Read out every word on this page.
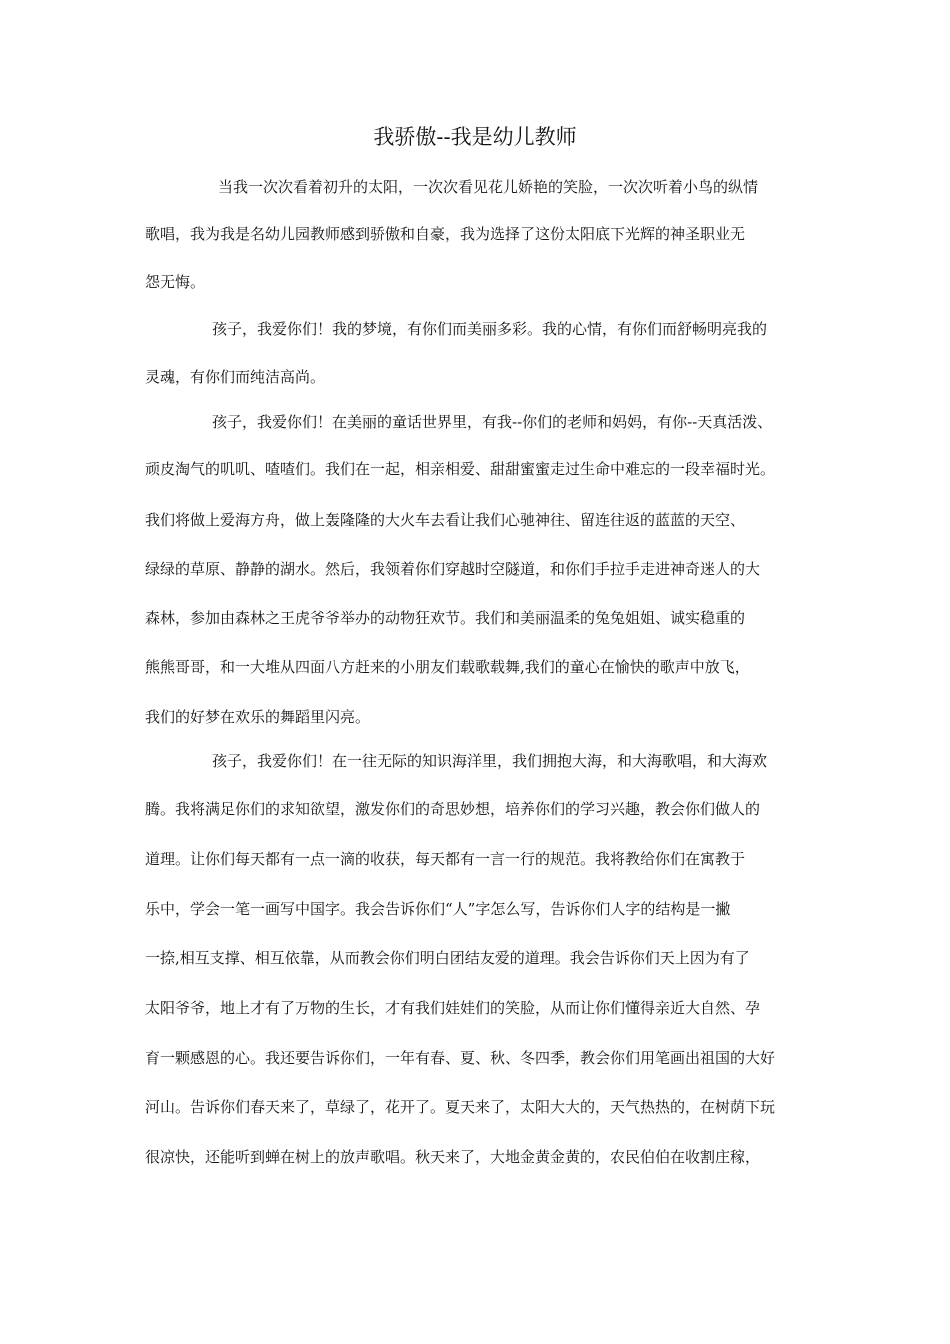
我骄傲--我是幼儿教师
当我一次次看着初升的太阳，一次次看见花儿娇艳的笑脸，一次次听着小鸟的纵情
歌唱，我为我是名幼儿园教师感到骄傲和自豪，我为选择了这份太阳底下光辉的神圣职业无
怨无悔。
孩子，我爱你们！我的梦境，有你们而美丽多彩。我的心情，有你们而舒畅明亮我的
灵魂，有你们而纯洁高尚。
孩子，我爱你们！在美丽的童话世界里，有我--你们的老师和妈妈，有你--天真活泼、
顽皮淘气的叽叽、喳喳们。我们在一起，相亲相爱、甜甜蜜蜜走过生命中难忘的一段幸福时光。
我们将做上爱海方舟，做上轰隆隆的大火车去看让我们心驰神往、留连往返的蓝蓝的天空、
绿绿的草原、静静的湖水。然后，我领着你们穿越时空隧道，和你们手拉手走进神奇迷人的大
森林，参加由森林之王虎爷爷举办的动物狂欢节。我们和美丽温柔的兔兔姐姐、诚实稳重的
熊熊哥哥，和一大堆从四面八方赶来的小朋友们载歌载舞,我们的童心在愉快的歌声中放飞，
我们的好梦在欢乐的舞蹈里闪亮。
孩子，我爱你们！在一往无际的知识海洋里，我们拥抱大海，和大海歌唱，和大海欢
腾。我将满足你们的求知欲望，激发你们的奇思妙想，培养你们的学习兴趣，教会你们做人的
道理。让你们每天都有一点一滴的收获，每天都有一言一行的规范。我将教给你们在寓教于
乐中，学会一笔一画写中国字。我会告诉你们“人”字怎么写，告诉你们人字的结构是一撇
一捺,相互支撑、相互依靠，从而教会你们明白团结友爱的道理。我会告诉你们天上因为有了
太阳爷爷，地上才有了万物的生长，才有我们娃娃们的笑脸，从而让你们懂得亲近大自然、孕
育一颗感恩的心。我还要告诉你们，一年有春、夏、秋、冬四季，教会你们用笔画出祖国的大好
河山。告诉你们春天来了，草绿了，花开了。夏天来了，太阳大大的，天气热热的，在树荫下玩
很凉快，还能听到蝉在树上的放声歌唱。秋天来了，大地金黄金黄的，农民伯伯在收割庄稼，
